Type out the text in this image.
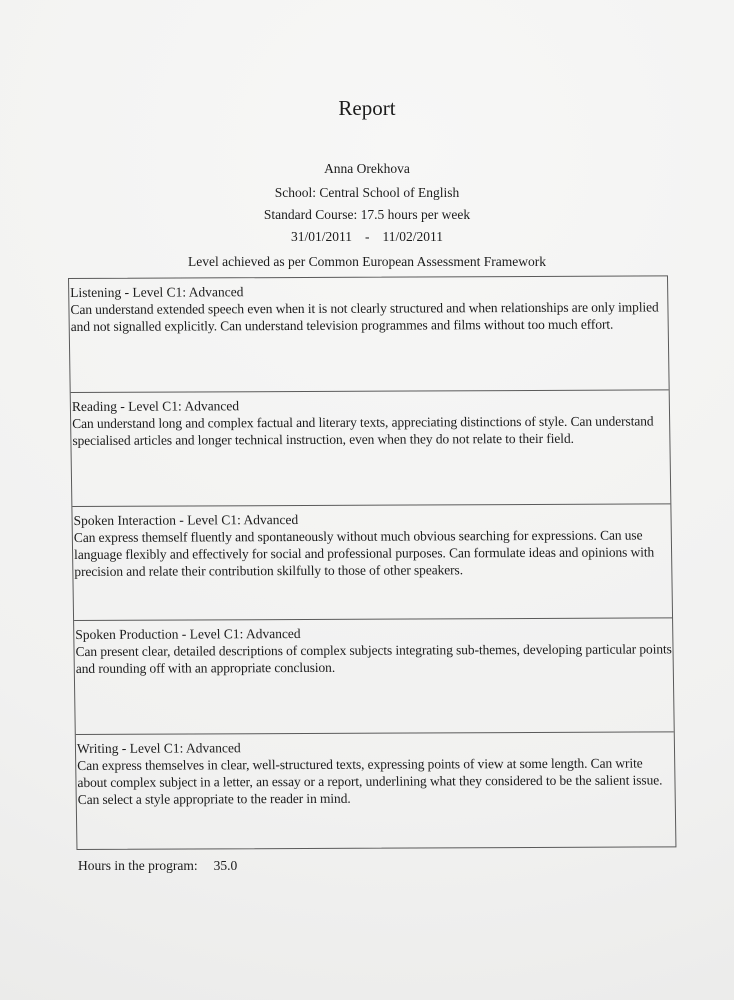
Report
Anna Orekhova
School: Central School of English
Standard Course: 17.5 hours per week
31/01/2011 - 11/02/2011
Level achieved as per Common European Assessment Framework
Listening - Level C1: Advanced
Can understand extended speech even when it is not clearly structured and when relationships are only implied and not signalled explicitly. Can understand television programmes and films without too much effort.
Reading - Level C1: Advanced
Can understand long and complex factual and literary texts, appreciating distinctions of style. Can understand specialised articles and longer technical instruction, even when they do not relate to their field.
Spoken Interaction - Level C1: Advanced
Can express themself fluently and spontaneously without much obvious searching for expressions. Can use language flexibly and effectively for social and professional purposes. Can formulate ideas and opinions with precision and relate their contribution skilfully to those of other speakers.
Spoken Production - Level C1: Advanced
Can present clear, detailed descriptions of complex subjects integrating sub-themes, developing particular points and rounding off with an appropriate conclusion.
Writing - Level C1: Advanced
Can express themselves in clear, well-structured texts, expressing points of view at some length. Can write about complex subject in a letter, an essay or a report, underlining what they considered to be the salient issue. Can select a style appropriate to the reader in mind.
Hours in the program: 35.0
